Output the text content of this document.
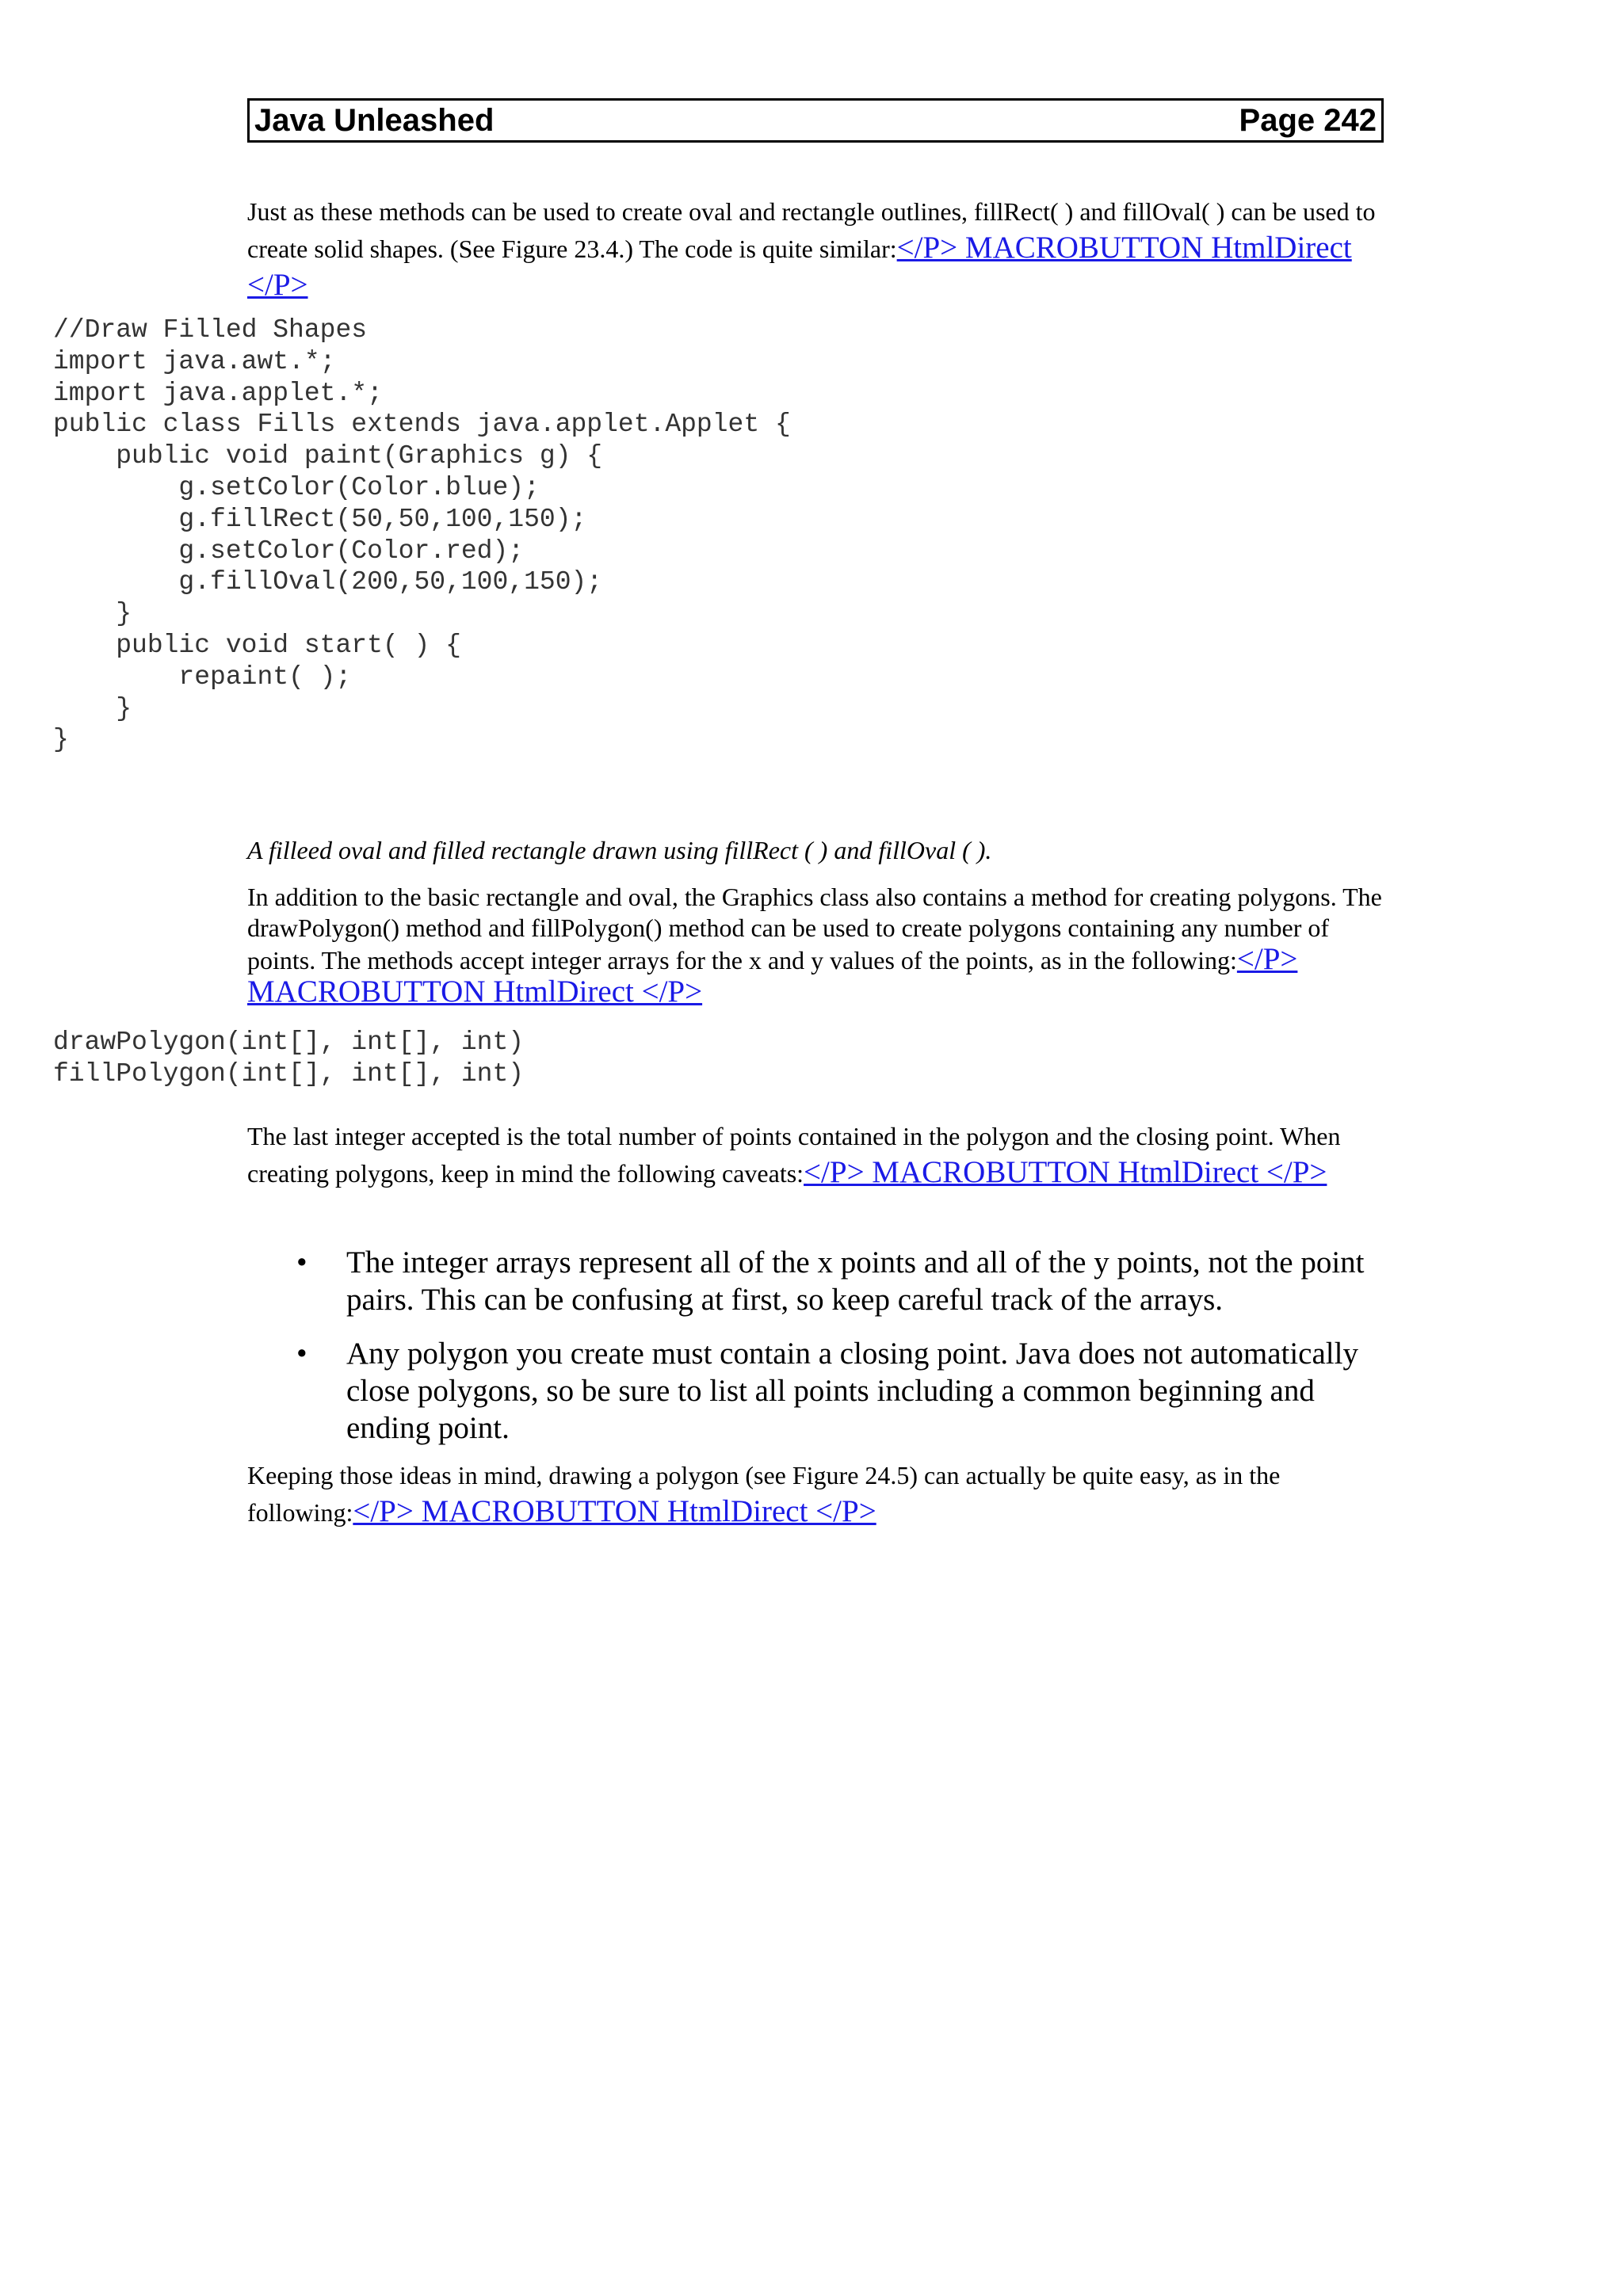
Java Unleashed	Page 242
Just as these methods can be used to create oval and rectangle outlines, fillRect( ) and fillOval( ) can be used to create solid shapes. (See Figure 23.4.) The code is quite similar:</P> MACROBUTTON HtmlDirect </P>
//Draw Filled Shapes
import java.awt.*;
import java.applet.*;
public class Fills extends java.applet.Applet {
public void paint(Graphics g) {
g.setColor(Color.blue);
g.fillRect(50,50,100,150);
g.setColor(Color.red);
g.fillOval(200,50,100,150);
}
public void start( ) {
repaint( );
}
}
A filleed oval and filled rectangle drawn using fillRect ( ) and fillOval ( ).
In addition to the basic rectangle and oval, the Graphics class also contains a method for creating polygons. The drawPolygon() method and fillPolygon() method can be used to create polygons containing any number of points. The methods accept integer arrays for the x and y values of the points, as in the following:</P> MACROBUTTON HtmlDirect </P>
drawPolygon(int[], int[], int)
fillPolygon(int[], int[], int)
The last integer accepted is the total number of points contained in the polygon and the closing point. When creating polygons, keep in mind the following caveats:</P> MACROBUTTON HtmlDirect </P>
• The integer arrays represent all of the x points and all of the y points, not the point pairs. This can be confusing at first, so keep careful track of the arrays.
• Any polygon you create must contain a closing point. Java does not automatically close polygons, so be sure to list all points including a common beginning and ending point.
Keeping those ideas in mind, drawing a polygon (see Figure 24.5) can actually be quite easy, as in the following:</P> MACROBUTTON HtmlDirect </P>
